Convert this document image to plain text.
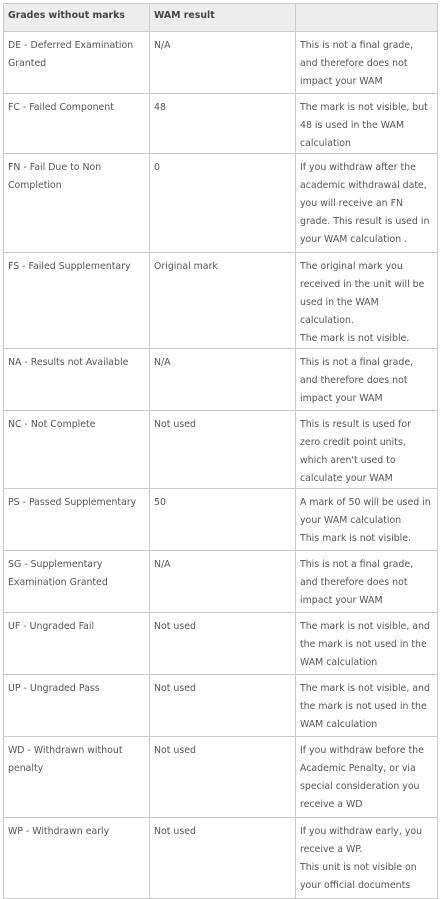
Grades without marks	WAM result	
DE - Deferred Examination Granted	N/A	This is not a final grade, and therefore does not impact your WAM

FC - Failed Component	48	The mark is not visible, but 48 is used in the WAM calculation

FN - Fail Due to Non Completion	0	If you withdraw after the academic withdrawal date, you will receive an FN grade. This result is used in your WAM calculation .

FS - Failed Supplementary	Original mark	The original mark you received in the unit will be used in the WAM calculation.
The mark is not visible.

NA - Results not Available	N/A	This is not a final grade, and therefore does not impact your WAM

NC - Not Complete	Not used	This is result is used for zero credit point units, which aren't used to calculate your WAM

PS - Passed Supplementary	50	A mark of 50 will be used in your WAM calculation
This mark is not visible.

SG - Supplementary Examination Granted	N/A	This is not a final grade, and therefore does not impact your WAM

UF - Ungraded Fail	Not used	The mark is not visible, and the mark is not used in the WAM calculation

UP - Ungraded Pass	Not used	The mark is not visible, and the mark is not used in the WAM calculation

WD - Withdrawn without penalty	Not used	If you withdraw before the Academic Penalty, or via special consideration you receive a WD

WP - Withdrawn early	Not used	If you withdraw early, you receive a WP.
This unit is not visible on your official documents
